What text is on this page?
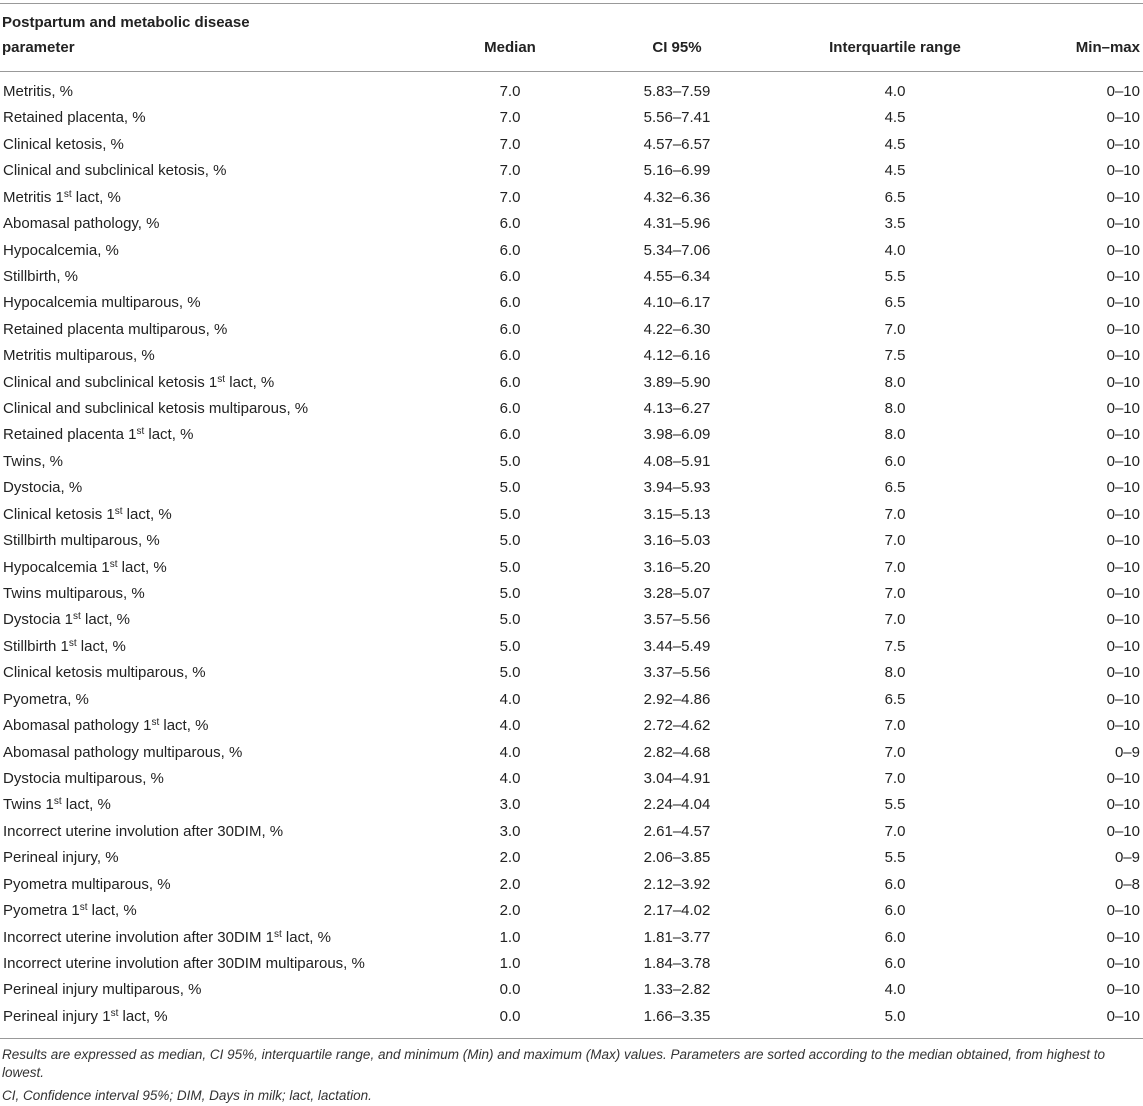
Postpartum and metabolic disease
parameter	Median	CI 95%	Interquartile range	Min–max
Metritis, %	7.0	5.83–7.59	4.0	0–10
Retained placenta, %	7.0	5.56–7.41	4.5	0–10
Clinical ketosis, %	7.0	4.57–6.57	4.5	0–10
Clinical and subclinical ketosis, %	7.0	5.16–6.99	4.5	0–10
Metritis 1st lact, %	7.0	4.32–6.36	6.5	0–10
Abomasal pathology, %	6.0	4.31–5.96	3.5	0–10
Hypocalcemia, %	6.0	5.34–7.06	4.0	0–10
Stillbirth, %	6.0	4.55–6.34	5.5	0–10
Hypocalcemia multiparous, %	6.0	4.10–6.17	6.5	0–10
Retained placenta multiparous, %	6.0	4.22–6.30	7.0	0–10
Metritis multiparous, %	6.0	4.12–6.16	7.5	0–10
Clinical and subclinical ketosis 1st lact, %	6.0	3.89–5.90	8.0	0–10
Clinical and subclinical ketosis multiparous, %	6.0	4.13–6.27	8.0	0–10
Retained placenta 1st lact, %	6.0	3.98–6.09	8.0	0–10
Twins, %	5.0	4.08–5.91	6.0	0–10
Dystocia, %	5.0	3.94–5.93	6.5	0–10
Clinical ketosis 1st lact, %	5.0	3.15–5.13	7.0	0–10
Stillbirth multiparous, %	5.0	3.16–5.03	7.0	0–10
Hypocalcemia 1st lact, %	5.0	3.16–5.20	7.0	0–10
Twins multiparous, %	5.0	3.28–5.07	7.0	0–10
Dystocia 1st lact, %	5.0	3.57–5.56	7.0	0–10
Stillbirth 1st lact, %	5.0	3.44–5.49	7.5	0–10
Clinical ketosis multiparous, %	5.0	3.37–5.56	8.0	0–10
Pyometra, %	4.0	2.92–4.86	6.5	0–10
Abomasal pathology 1st lact, %	4.0	2.72–4.62	7.0	0–10
Abomasal pathology multiparous, %	4.0	2.82–4.68	7.0	0–9
Dystocia multiparous, %	4.0	3.04–4.91	7.0	0–10
Twins 1st lact, %	3.0	2.24–4.04	5.5	0–10
Incorrect uterine involution after 30DIM, %	3.0	2.61–4.57	7.0	0–10
Perineal injury, %	2.0	2.06–3.85	5.5	0–9
Pyometra multiparous, %	2.0	2.12–3.92	6.0	0–8
Pyometra 1st lact, %	2.0	2.17–4.02	6.0	0–10
Incorrect uterine involution after 30DIM 1st lact, %	1.0	1.81–3.77	6.0	0–10
Incorrect uterine involution after 30DIM multiparous, %	1.0	1.84–3.78	6.0	0–10
Perineal injury multiparous, %	0.0	1.33–2.82	4.0	0–10
Perineal injury 1st lact, %	0.0	1.66–3.35	5.0	0–10
Results are expressed as median, CI 95%, interquartile range, and minimum (Min) and maximum (Max) values. Parameters are sorted according to the median obtained, from highest to lowest.
CI, Confidence interval 95%; DIM, Days in milk; lact, lactation.
